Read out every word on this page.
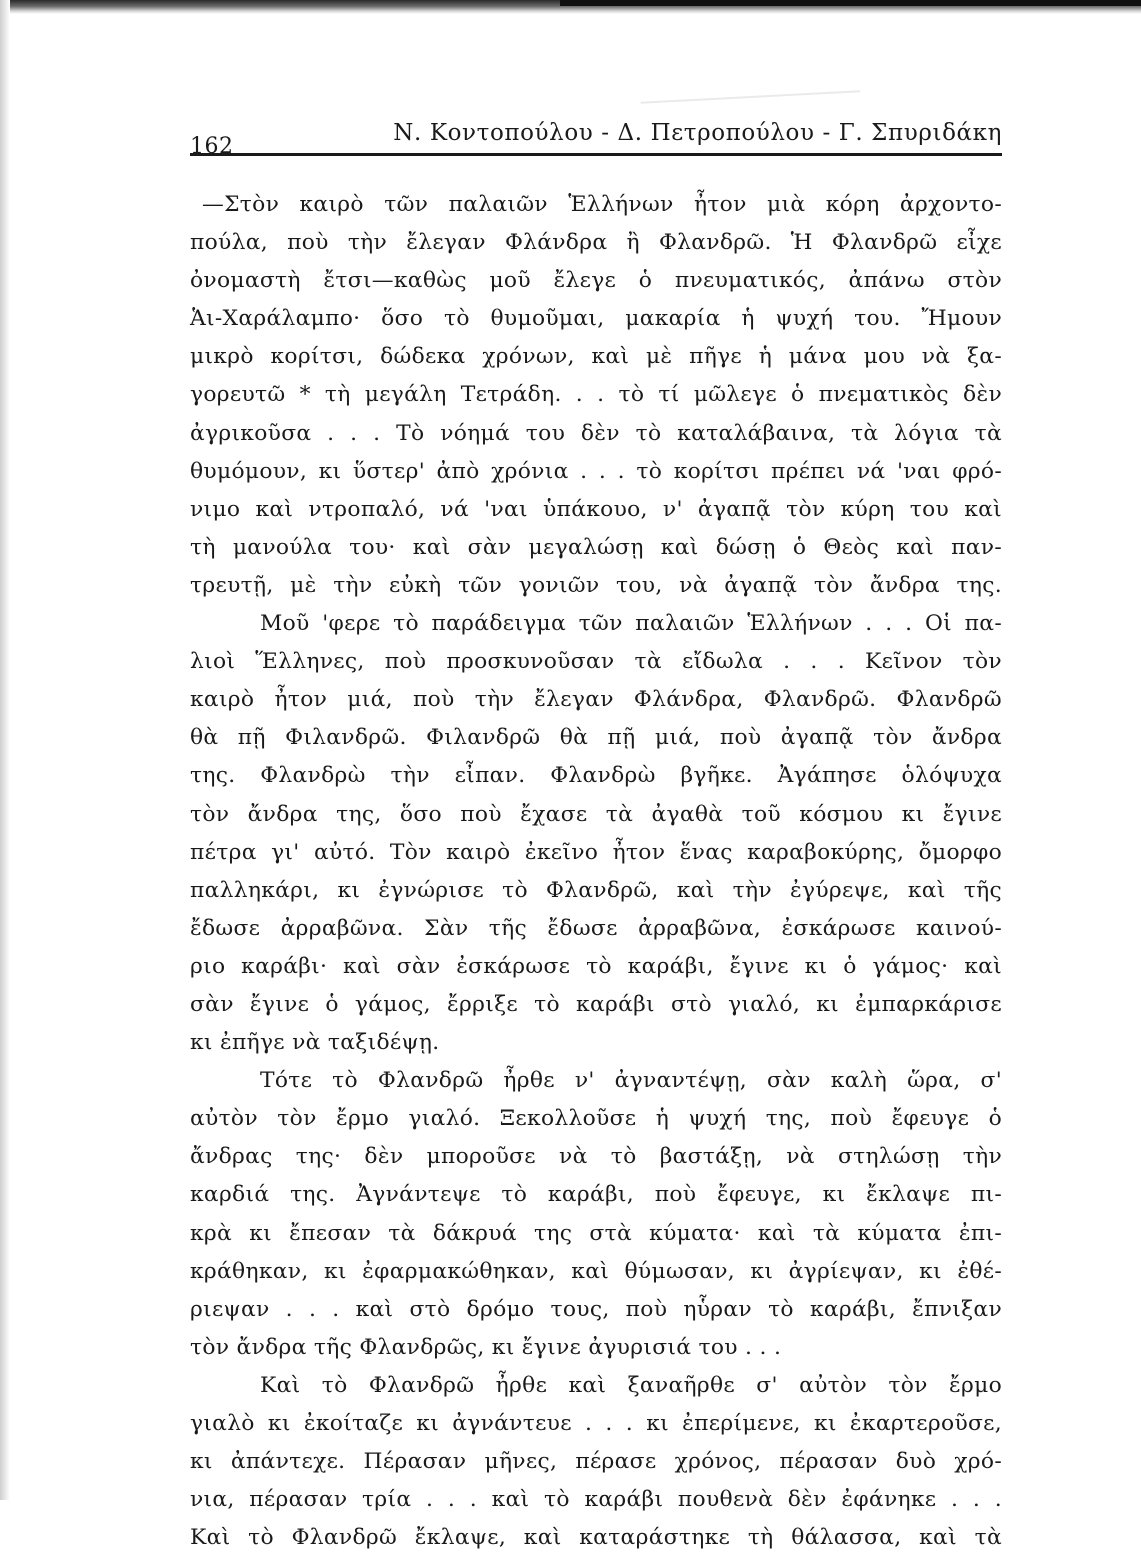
162
Ν. Κοντοπούλου - Δ. Πετροπούλου - Γ. Σπυριδάκη
—Στὸν καιρὸ τῶν παλαιῶν Ἑλλήνων ἦτον μιὰ κόρη ἀρχοντο-
πούλα, ποὺ τὴν ἔλεγαν Φλάνδρα ἢ Φλανδρῶ. Ἡ Φλανδρῶ εἶχε
ὀνομαστὴ ἔτσι—καθὼς μοῦ ἔλεγε ὁ πνευματικός, ἀπάνω στὸν
Ἁι-Χαράλαμπο· ὅσο τὸ θυμοῦμαι, μακαρία ἡ ψυχή του. Ἤμουν
μικρὸ κορίτσι, δώδεκα χρόνων, καὶ μὲ πῆγε ἡ μάνα μου νὰ ξα-
γορευτῶ * τὴ μεγάλη Τετράδη. . . τὸ τί μῶλεγε ὁ πνεματικὸς δὲν
ἀγρικοῦσα . . . Τὸ νόημά του δὲν τὸ καταλάβαινα, τὰ λόγια τὰ
θυμόμουν, κι ὕστερ' ἀπὸ χρόνια . . . τὸ κορίτσι πρέπει νά 'ναι φρό-
νιμο καὶ ντροπαλό, νά 'ναι ὑπάκουο, ν' ἀγαπᾷ τὸν κύρη του καὶ
τὴ μανούλα του· καὶ σὰν μεγαλώσῃ καὶ δώσῃ ὁ Θεὸς καὶ παν-
τρευτῇ, μὲ τὴν εὐκὴ τῶν γονιῶν του, νὰ ἀγαπᾷ τὸν ἄνδρα της.
Μοῦ 'φερε τὸ παράδειγμα τῶν παλαιῶν Ἑλλήνων . . . Οἱ πα-
λιοὶ Ἕλληνες, ποὺ προσκυνοῦσαν τὰ εἴδωλα . . . Κεῖνον τὸν
καιρὸ ἦτον μιά, ποὺ τὴν ἔλεγαν Φλάνδρα, Φλανδρῶ. Φλανδρῶ
θὰ πῇ Φιλανδρῶ. Φιλανδρῶ θὰ πῇ μιά, ποὺ ἀγαπᾷ τὸν ἄνδρα
της. Φλανδρὼ τὴν εἶπαν. Φλανδρὼ βγῆκε. Ἀγάπησε ὁλόψυχα
τὸν ἄνδρα της, ὅσο ποὺ ἔχασε τὰ ἀγαθὰ τοῦ κόσμου κι ἔγινε
πέτρα γι' αὐτό. Τὸν καιρὸ ἐκεῖνο ἦτον ἕνας καραβοκύρης, ὄμορφο
παλληκάρι, κι ἐγνώρισε τὸ Φλανδρῶ, καὶ τὴν ἐγύρεψε, καὶ τῆς
ἔδωσε ἀρραβῶνα. Σὰν τῆς ἔδωσε ἀρραβῶνα, ἐσκάρωσε καινού-
ριο καράβι· καὶ σὰν ἐσκάρωσε τὸ καράβι, ἔγινε κι ὁ γάμος· καὶ
σὰν ἔγινε ὁ γάμος, ἔρριξε τὸ καράβι στὸ γιαλό, κι ἐμπαρκάρισε
κι ἐπῆγε νὰ ταξιδέψῃ.
Τότε τὸ Φλανδρῶ ἦρθε ν' ἀγναντέψῃ, σὰν καλὴ ὥρα, σ'
αὐτὸν τὸν ἔρμο γιαλό. Ξεκολλοῦσε ἡ ψυχή της, ποὺ ἔφευγε ὁ
ἄνδρας της· δὲν μποροῦσε νὰ τὸ βαστάξῃ, νὰ στηλώσῃ τὴν
καρδιά της. Ἀγνάντεψε τὸ καράβι, ποὺ ἔφευγε, κι ἔκλαψε πι-
κρὰ κι ἔπεσαν τὰ δάκρυά της στὰ κύματα· καὶ τὰ κύματα ἐπι-
κράθηκαν, κι ἐφαρμακώθηκαν, καὶ θύμωσαν, κι ἀγρίεψαν, κι ἐθέ-
ριεψαν . . . καὶ στὸ δρόμο τους, ποὺ ηὗραν τὸ καράβι, ἔπνιξαν
τὸν ἄνδρα τῆς Φλανδρῶς, κι ἔγινε ἀγυρισιά του . . .
Καὶ τὸ Φλανδρῶ ἦρθε καὶ ξαναῆρθε σ' αὐτὸν τὸν ἔρμο
γιαλὸ κι ἐκοίταζε κι ἀγνάντευε . . . κι ἐπερίμενε, κι ἐκαρτεροῦσε,
κι ἀπάντεχε. Πέρασαν μῆνες, πέρασε χρόνος, πέρασαν δυὸ χρό-
νια, πέρασαν τρία . . . καὶ τὸ καράβι πουθενὰ δὲν ἐφάνηκε . . .
Καὶ τὸ Φλανδρῶ ἔκλαψε, καὶ καταράστηκε τὴ θάλασσα, καὶ τὰ
